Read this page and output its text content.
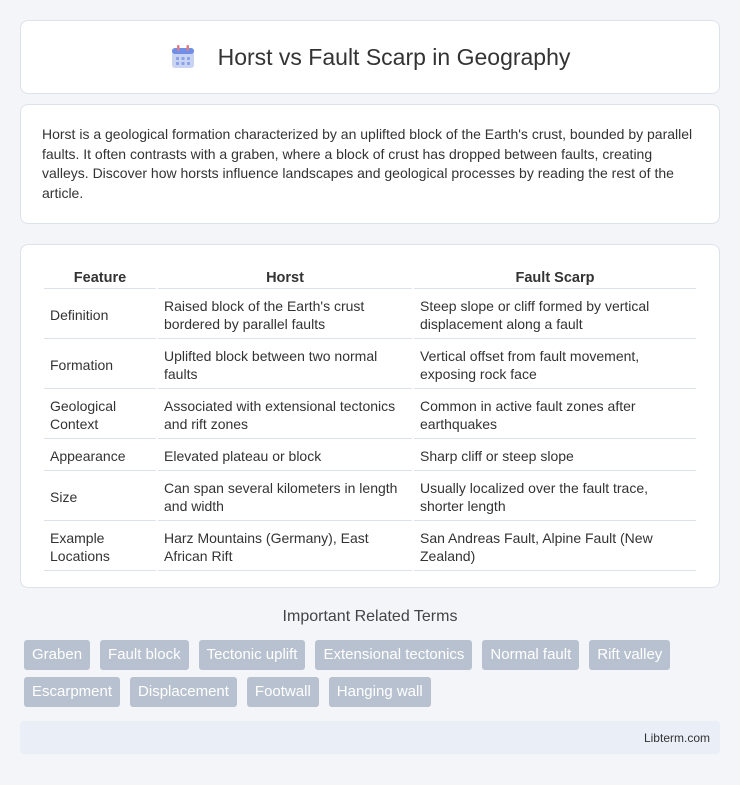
Horst vs Fault Scarp in Geography

Horst is a geological formation characterized by an uplifted block of the Earth's crust, bounded by parallel faults. It often contrasts with a graben, where a block of crust has dropped between faults, creating valleys. Discover how horsts influence landscapes and geological processes by reading the rest of the article.

Feature	Horst	Fault Scarp
Definition	Raised block of the Earth's crust bordered by parallel faults	Steep slope or cliff formed by vertical displacement along a fault
Formation	Uplifted block between two normal faults	Vertical offset from fault movement, exposing rock face
Geological Context	Associated with extensional tectonics and rift zones	Common in active fault zones after earthquakes
Appearance	Elevated plateau or block	Sharp cliff or steep slope
Size	Can span several kilometers in length and width	Usually localized over the fault trace, shorter length
Example Locations	Harz Mountains (Germany), East African Rift	San Andreas Fault, Alpine Fault (New Zealand)
Important Related Terms
Graben	Fault block	Tectonic uplift	Extensional tectonics	Normal fault	Rift valley
Escarpment	Displacement	Footwall	Hanging wall
Libterm.com
